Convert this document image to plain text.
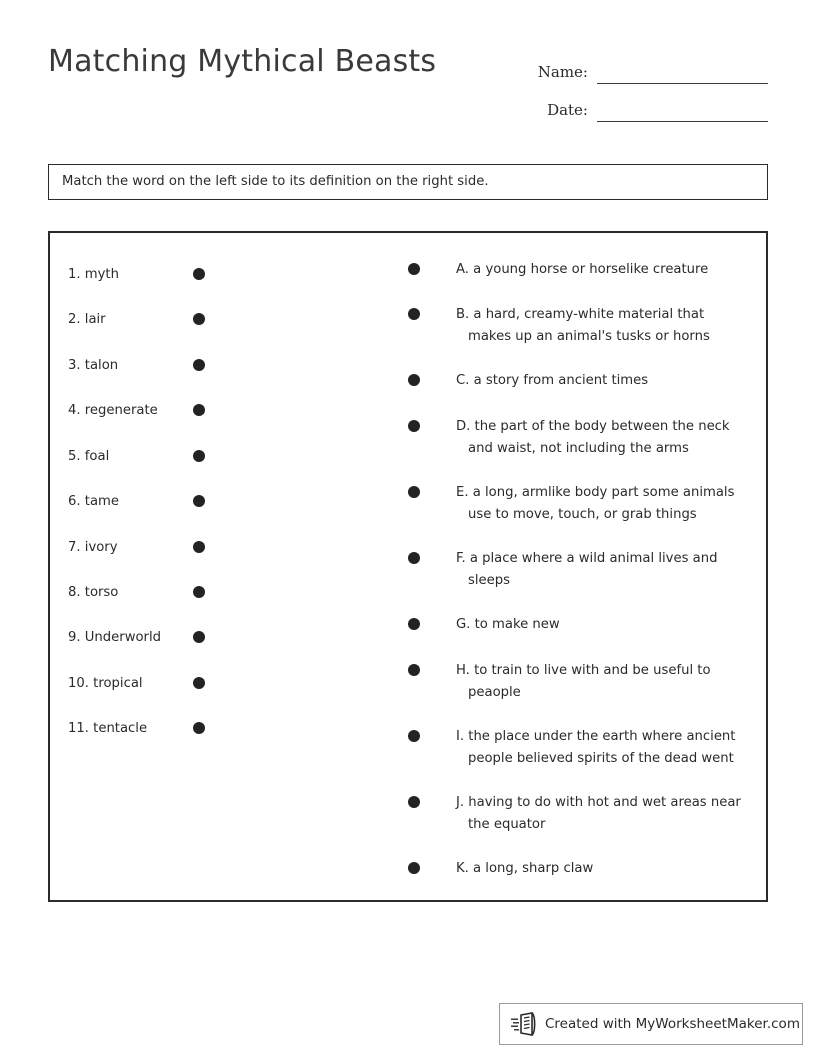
Matching Mythical Beasts	Name:
Date:
Match the word on the left side to its definition on the right side.
1. myth
2. lair
3. talon
4. regenerate
5. foal
6. tame
7. ivory
8. torso
9. Underworld
10. tropical
11. tentacle
A. a young horse or horselike creature
B. a hard, creamy-white material that
makes up an animal's tusks or horns
C. a story from ancient times
D. the part of the body between the neck
and waist, not including the arms
E. a long, armlike body part some animals
use to move, touch, or grab things
F. a place where a wild animal lives and
sleeps
G. to make new
H. to train to live with and be useful to
peaople
I. the place under the earth where ancient
people believed spirits of the dead went
J. having to do with hot and wet areas near
the equator
K. a long, sharp claw
Created with MyWorksheetMaker.com
